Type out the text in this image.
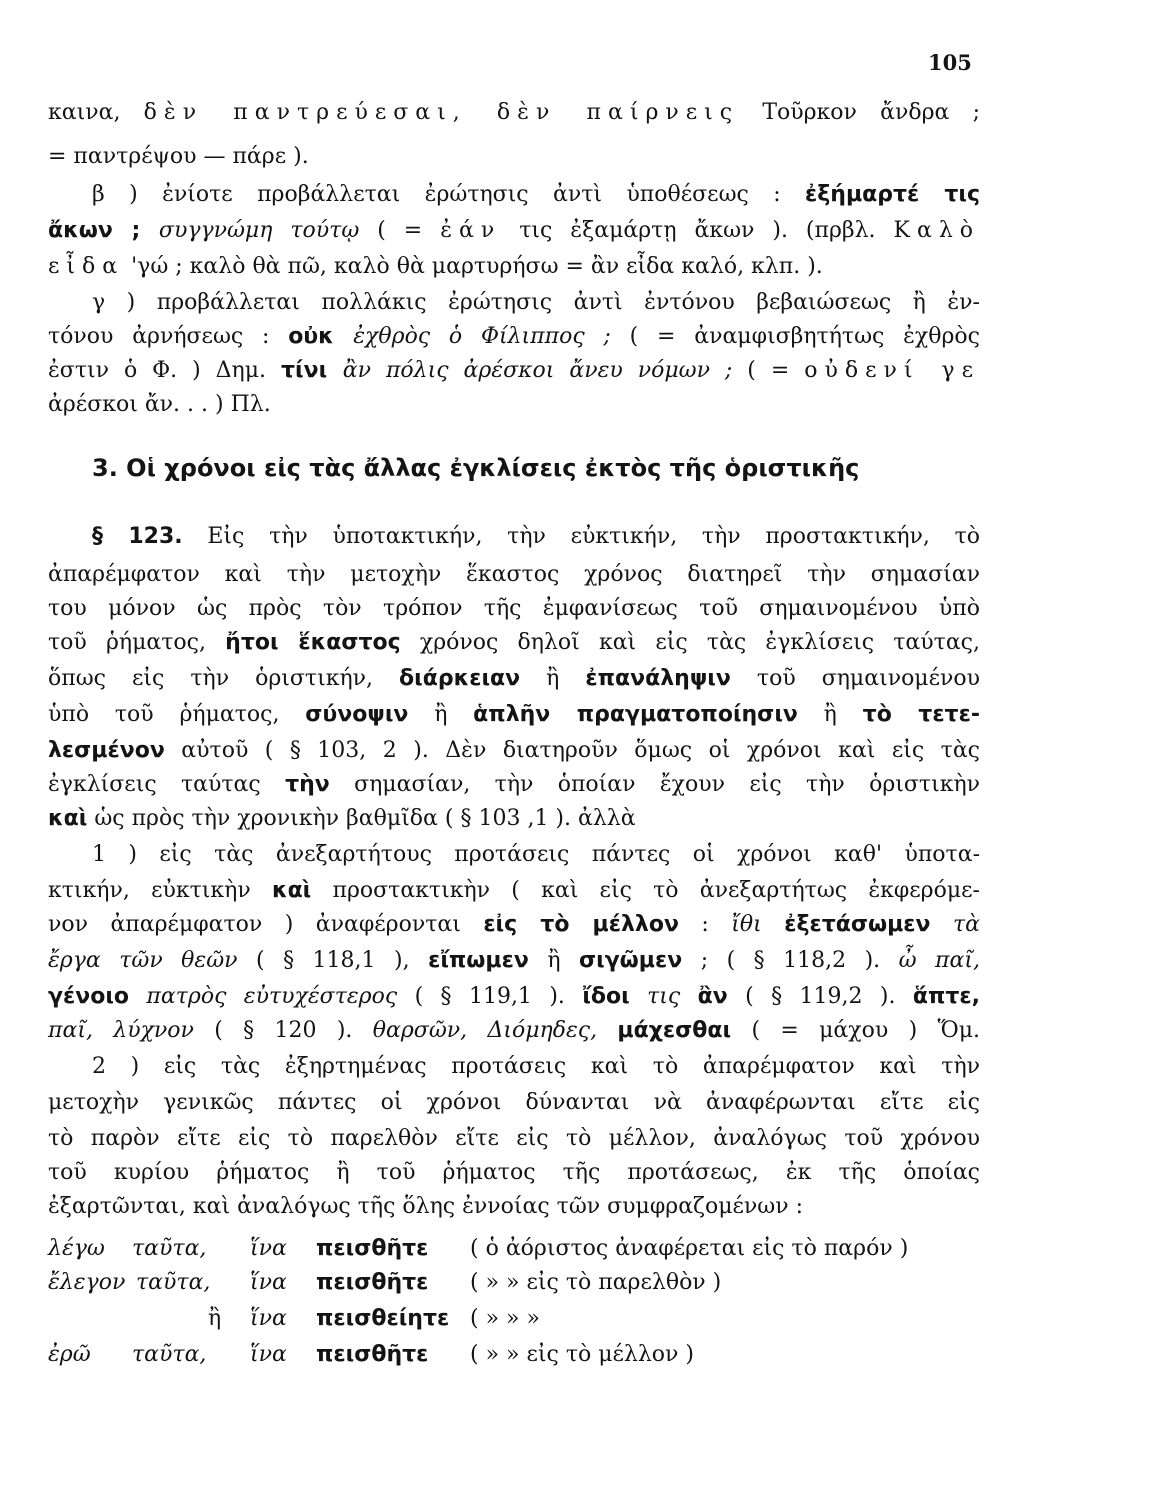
105
καινα, δὲν παντρεύεσαι, δὲν παίρνεις Τοῦρκον ἄνδρα ;
= παντρέψου — πάρε ).
β ) ἐνίοτε προβάλλεται ἐρώτησις ἀντὶ ὑποθέσεως : ἐξήμαρτέ τις
ἄκων ; συγγνώμη τούτῳ ( = ἐάν τις ἐξαμάρτῃ ἄκων ). (πρβλ. Καλὸ
εἶδα 'γώ ; καλὸ θὰ πῶ, καλὸ θὰ μαρτυρήσω = ἂν εἶδα καλό, κλπ. ).
γ ) προβάλλεται πολλάκις ἐρώτησις ἀντὶ ἐντόνου βεβαιώσεως ἢ ἐν-
τόνου ἀρνήσεως : οὐκ ἐχθρὸς ὁ Φίλιππος ; ( = ἀναμφισβητήτως ἐχθρὸς
ἐστιν ὁ Φ. ) Δημ. τίνι ἂν πόλις ἀρέσκοι ἄνευ νόμων ; ( = οὐδενί γε
ἀρέσκοι ἄν. . . ) Πλ.
3. Οἱ χρόνοι εἰς τὰς ἄλλας ἐγκλίσεις ἐκτὸς τῆς ὁριστικῆς
§ 123. Εἰς τὴν ὑποτακτικήν, τὴν εὐκτικήν, τὴν προστακτικήν, τὸ
ἀπαρέμφατον καὶ τὴν μετοχὴν ἕκαστος χρόνος διατηρεῖ τὴν σημασίαν
του μόνον ὡς πρὸς τὸν τρόπον τῆς ἐμφανίσεως τοῦ σημαινομένου ὑπὸ
τοῦ ῥήματος, ἤτοι ἕκαστος χρόνος δηλοῖ καὶ εἰς τὰς ἐγκλίσεις ταύτας,
ὅπως εἰς τὴν ὁριστικήν, διάρκειαν ἢ ἐπανάληψιν τοῦ σημαινομένου
ὑπὸ τοῦ ῥήματος, σύνοψιν ἢ ἁπλῆν πραγματοποίησιν ἢ τὸ τετε-
λεσμένον αὐτοῦ ( § 103, 2 ). Δὲν διατηροῦν ὅμως οἱ χρόνοι καὶ εἰς τὰς
ἐγκλίσεις ταύτας τὴν σημασίαν, τὴν ὁποίαν ἔχουν εἰς τὴν ὁριστικὴν
καὶ ὡς πρὸς τὴν χρονικὴν βαθμῖδα ( § 103 ,1 ). ἀλλὰ
1 ) εἰς τὰς ἀνεξαρτήτους προτάσεις πάντες οἱ χρόνοι καθ' ὑποτα-
κτικήν, εὐκτικὴν καὶ προστακτικὴν ( καὶ εἰς τὸ ἀνεξαρτήτως ἐκφερόμε-
νον ἀπαρέμφατον ) ἀναφέρονται εἰς τὸ μέλλον : ἴθι ἐξετάσωμεν τὰ
ἔργα τῶν θεῶν ( § 118,1 ), εἴπωμεν ἢ σιγῶμεν ; ( § 118,2 ). ὦ παῖ,
γένοιο πατρὸς εὐτυχέστερος ( § 119,1 ). ἴδοι τις ἂν ( § 119,2 ). ἅπτε,
παῖ, λύχνον ( § 120 ). θαρσῶν, Διόμηδες, μάχεσθαι ( = μάχου ) Ὅμ.
2 ) εἰς τὰς ἐξηρτημένας προτάσεις καὶ τὸ ἀπαρέμφατον καὶ τὴν
μετοχὴν γενικῶς πάντες οἱ χρόνοι δύνανται νὰ ἀναφέρωνται εἴτε εἰς
τὸ παρὸν εἴτε εἰς τὸ παρελθὸν εἴτε εἰς τὸ μέλλον, ἀναλόγως τοῦ χρόνου
τοῦ κυρίου ῥήματος ἢ τοῦ ῥήματος τῆς προτάσεως, ἐκ τῆς ὁποίας
ἐξαρτῶνται, καὶ ἀναλόγως τῆς ὅλης ἐννοίας τῶν συμφραζομένων :
λέγω ταῦτα, ἵνα πεισθῆτε ( ὁ ἀόριστος ἀναφέρεται εἰς τὸ παρόν )
ἔλεγον ταῦτα, ἵνα πεισθῆτε ( » » εἰς τὸ παρελθὸν )
ἢ ἵνα πεισθείητε ( » » »
ἐρῶ ταῦτα, ἵνα πεισθῆτε ( » » εἰς τὸ μέλλον )
